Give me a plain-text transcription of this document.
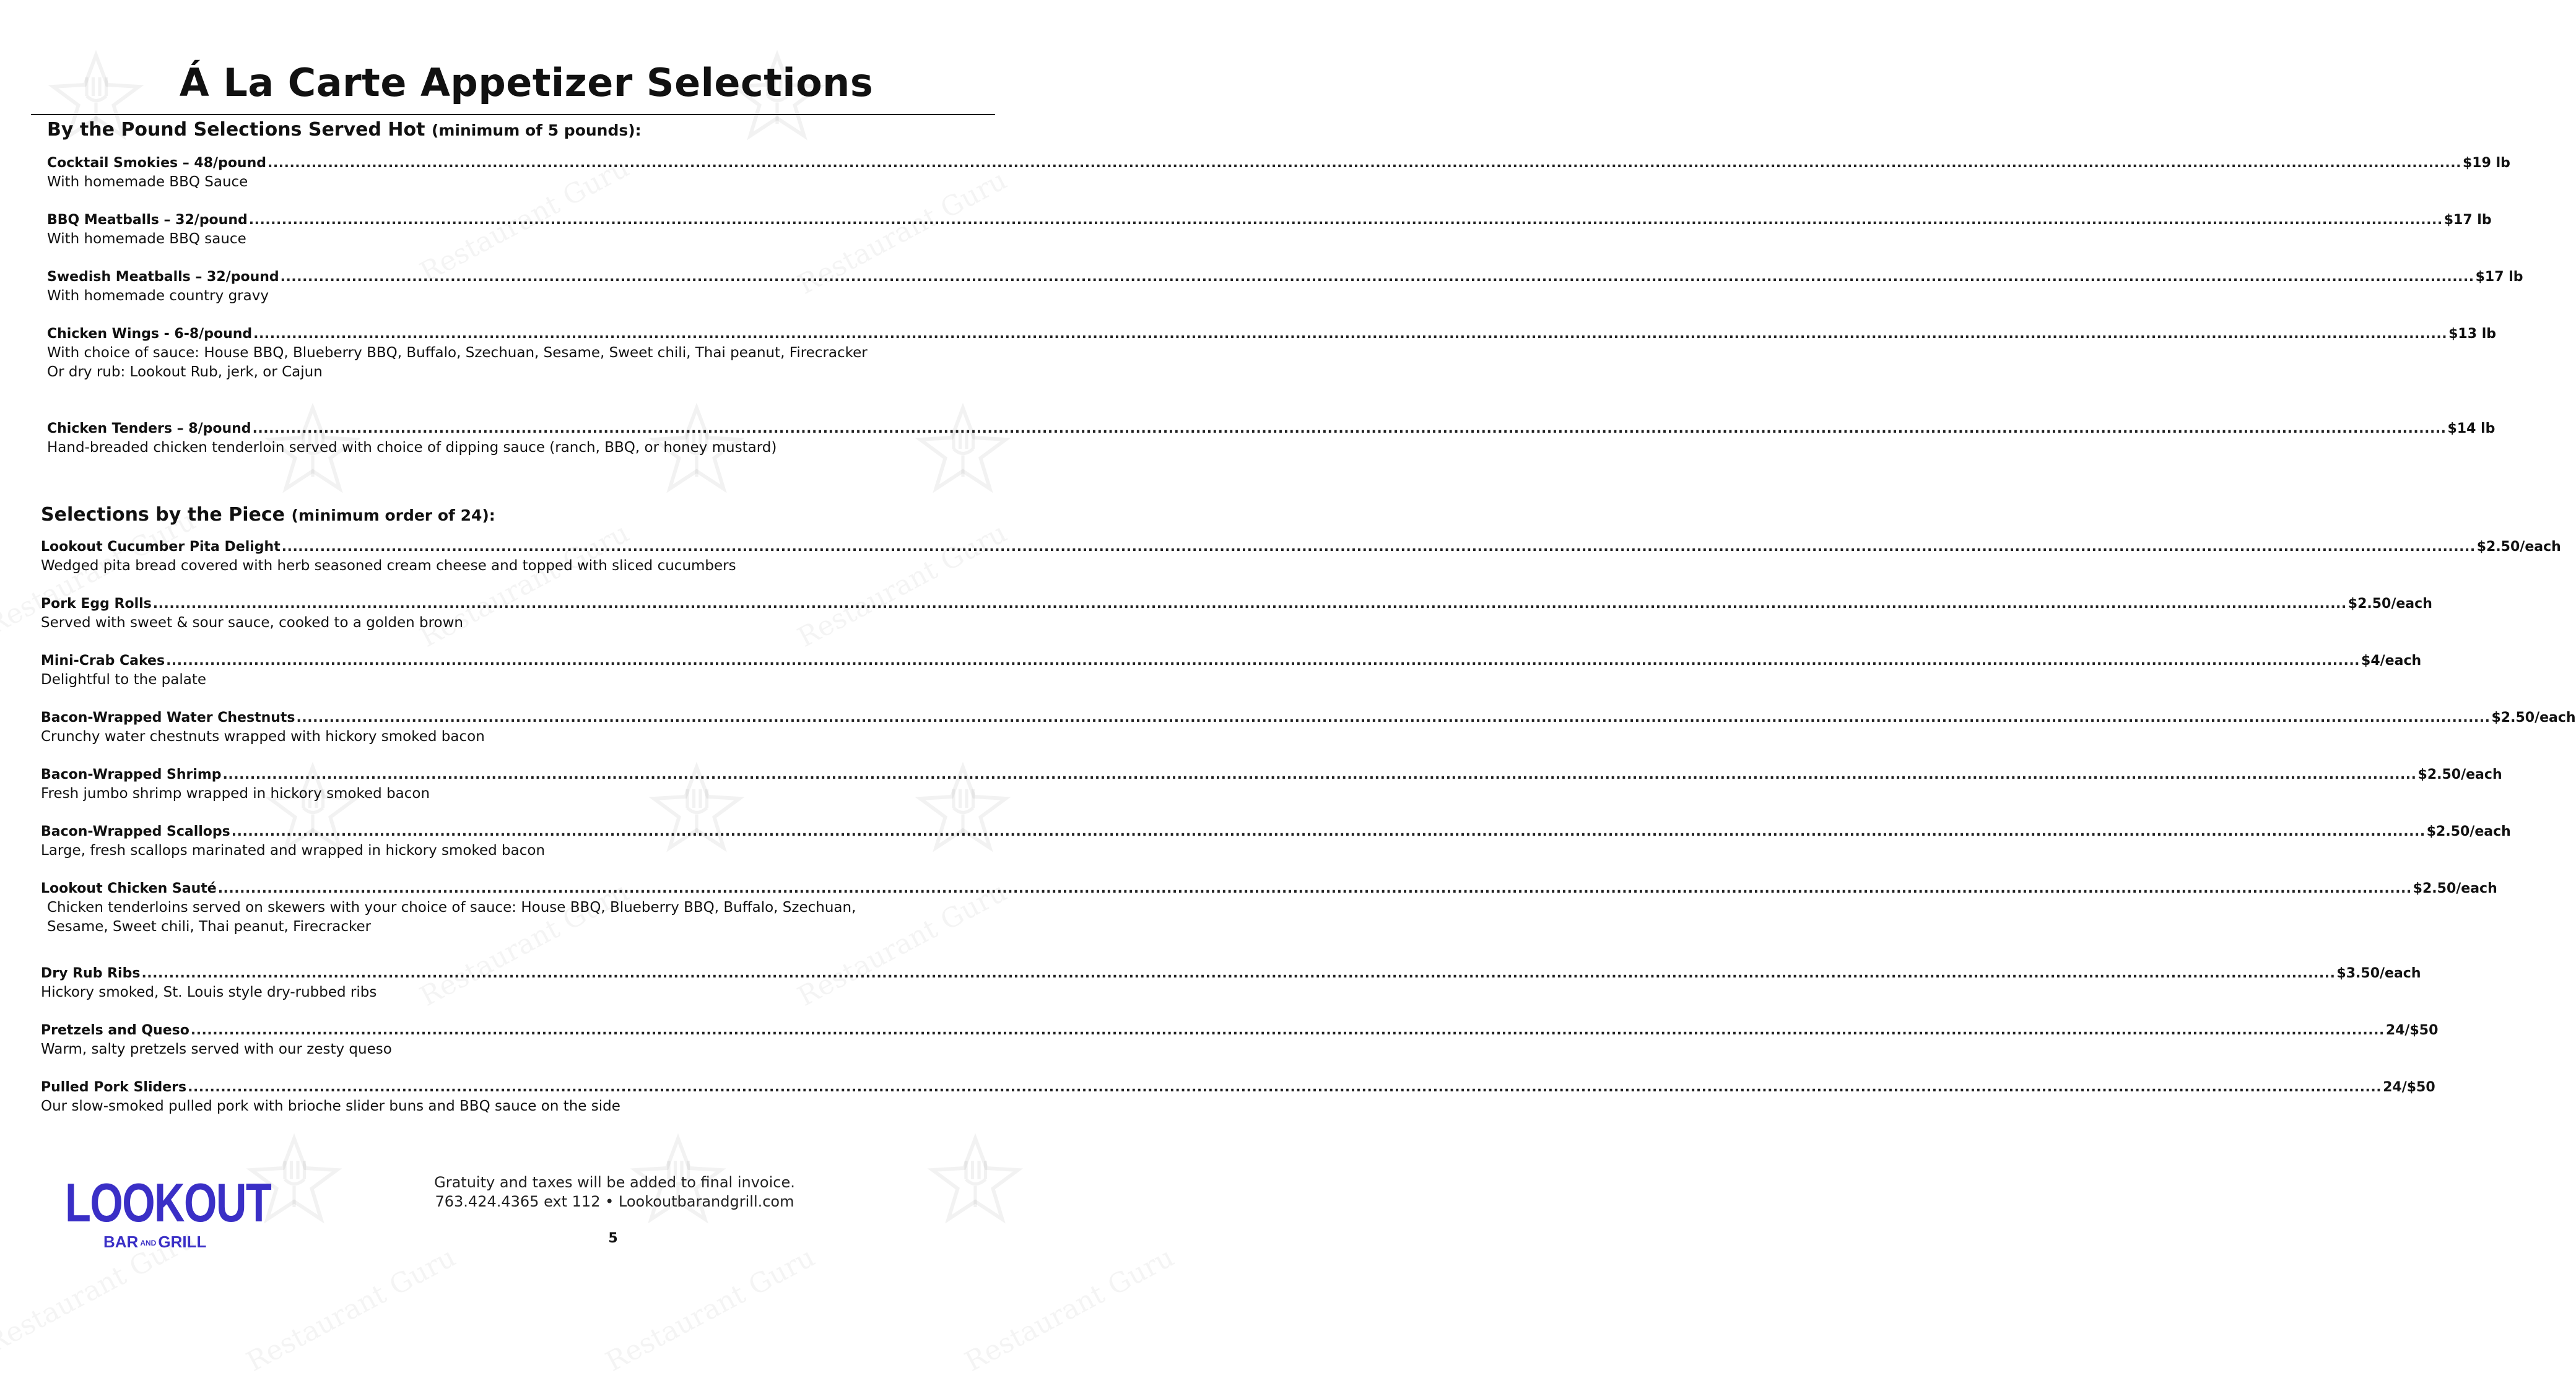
Á La Carte Appetizer Selections
By the Pound Selections Served Hot (minimum of 5 pounds):
Selections by the Piece (minimum order of 24):
Cocktail Smokies – 48/pound ................................................................................................................................................................................................................................................................................................................................................................................................................ $19 lb
With homemade BBQ Sauce
BBQ Meatballs – 32/pound ................................................................................................................................................................................................................................................................................................................................................................................................................ $17 lb
With homemade BBQ sauce
Swedish Meatballs – 32/pound ................................................................................................................................................................................................................................................................................................................................................................................................................ $17 lb
With homemade country gravy
Chicken Wings - 6-8/pound ................................................................................................................................................................................................................................................................................................................................................................................................................ $13 lb
With choice of sauce: House BBQ, Blueberry BBQ, Buffalo, Szechuan, Sesame, Sweet chili, Thai peanut, Firecracker
Or dry rub: Lookout Rub, jerk, or Cajun
Chicken Tenders – 8/pound ................................................................................................................................................................................................................................................................................................................................................................................................................ $14 lb
Hand-breaded chicken tenderloin served with choice of dipping sauce (ranch, BBQ, or honey mustard)
Lookout Cucumber Pita Delight ................................................................................................................................................................................................................................................................................................................................................................................................................ $2.50/each
Wedged pita bread covered with herb seasoned cream cheese and topped with sliced cucumbers
Pork Egg Rolls ................................................................................................................................................................................................................................................................................................................................................................................................................ $2.50/each
Served with sweet & sour sauce, cooked to a golden brown
Mini-Crab Cakes ................................................................................................................................................................................................................................................................................................................................................................................................................ $4/each
Delightful to the palate
Bacon-Wrapped Water Chestnuts ................................................................................................................................................................................................................................................................................................................................................................................................................ $2.50/each
Crunchy water chestnuts wrapped with hickory smoked bacon
Bacon-Wrapped Shrimp ................................................................................................................................................................................................................................................................................................................................................................................................................ $2.50/each
Fresh jumbo shrimp wrapped in hickory smoked bacon
Bacon-Wrapped Scallops ................................................................................................................................................................................................................................................................................................................................................................................................................ $2.50/each
Large, fresh scallops marinated and wrapped in hickory smoked bacon
Lookout Chicken Sauté ................................................................................................................................................................................................................................................................................................................................................................................................................ $2.50/each
Chicken tenderloins served on skewers with your choice of sauce: House BBQ, Blueberry BBQ, Buffalo, Szechuan,
Sesame, Sweet chili, Thai peanut, Firecracker
Dry Rub Ribs ................................................................................................................................................................................................................................................................................................................................................................................................................ $3.50/each
Hickory smoked, St. Louis style dry-rubbed ribs
Pretzels and Queso ................................................................................................................................................................................................................................................................................................................................................................................................................ 24/$50
Warm, salty pretzels served with our zesty queso
Pulled Pork Sliders ................................................................................................................................................................................................................................................................................................................................................................................................................ 24/$50
Our slow-smoked pulled pork with brioche slider buns and BBQ sauce on the side
LOOKOUT
BAR AND GRILL
Gratuity and taxes will be added to final invoice.
763.424.4365 ext 112 • Lookoutbarandgrill.com
5
